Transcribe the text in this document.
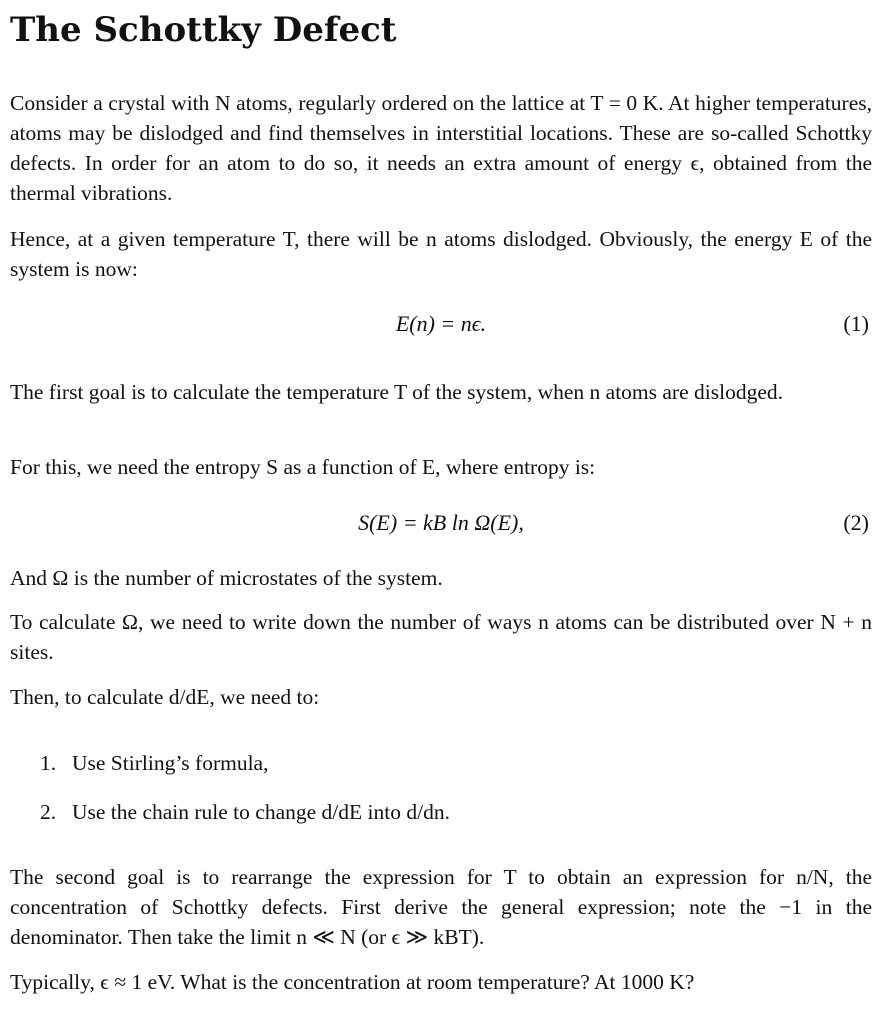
The Schottky Defect

Consider a crystal with N atoms, regularly ordered on the lattice at T = 0 K. At higher temperatures, atoms may be dislodged and find themselves in interstitial locations. These are so-called Schottky defects. In order for an atom to do so, it needs an extra amount of energy ϵ, obtained from the thermal vibrations.

Hence, at a given temperature T, there will be n atoms dislodged. Obviously, the energy E of the system is now:

E(n) = nϵ.	(1)

The first goal is to calculate the temperature T of the system, when n atoms are dislodged.

For this, we need the entropy S as a function of E, where entropy is:

S(E) = kB ln Ω(E),	(2)

And Ω is the number of microstates of the system.

To calculate Ω, we need to write down the number of ways n atoms can be distributed over N + n sites.

Then, to calculate d/dE, we need to:

1. Use Stirling’s formula,
2. Use the chain rule to change d/dE into d/dn.

The second goal is to rearrange the expression for T to obtain an expression for n/N, the concentration of Schottky defects. First derive the general expression; note the −1 in the denominator. Then take the limit n ≪ N (or ϵ ≫ kBT).

Typically, ϵ ≈ 1 eV. What is the concentration at room temperature? At 1000 K?
